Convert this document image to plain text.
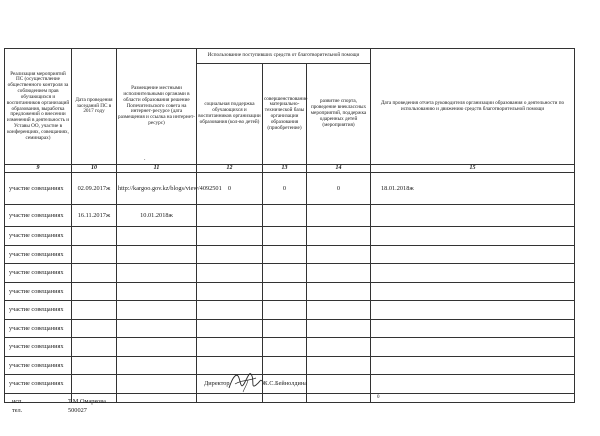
Реализация мероприятий ПС (осуществление общественного контроля за соблюдением прав обучающихся и воспитанников организаций образования, выработка предложений о внесении изменений в деятельность и Уставы ОО, участие в конференциях, совещаниях, семинарах)	Дата проведения заседаний ПС в 2017 году	Размещение местными исполнительными органами в области образования решение Попечительского совета на интернет-ресурсе (дата размещения и ссылка на интернет-ресурс)	Использование поступивших средств от благотворительной помощи			Дата проведения отчета руководителя организации образования о деятельности по использованию и движению средств благотворительной помощи
			социальная поддержка обучающихся и воспитанников организации образования (кол-во детей)	совершенствование материально-технической базы организации образования (приобретение)	развитие спорта, проведение внеклассных мероприятий, поддержка одаренных детей (мероприятия)	
9	10	11	12	13	14	15
участие совещаниях	02.09.2017ж	http://kargoo.gov.kz/blogs/view/4092501	0	0	0	18.01.2018ж
участие совещаниях	16.11.2017ж	10.01.2018ж				
участие совещаниях						
участие совещаниях						
участие совещаниях						
участие совещаниях						
участие совещаниях						
участие совещаниях						
участие совещаниях						
участие совещаниях						
участие совещаниях						
						0
.
Директор	Ж.С.Бейнолдина
исп.	Т.М.Омаркова
тел.	500027
